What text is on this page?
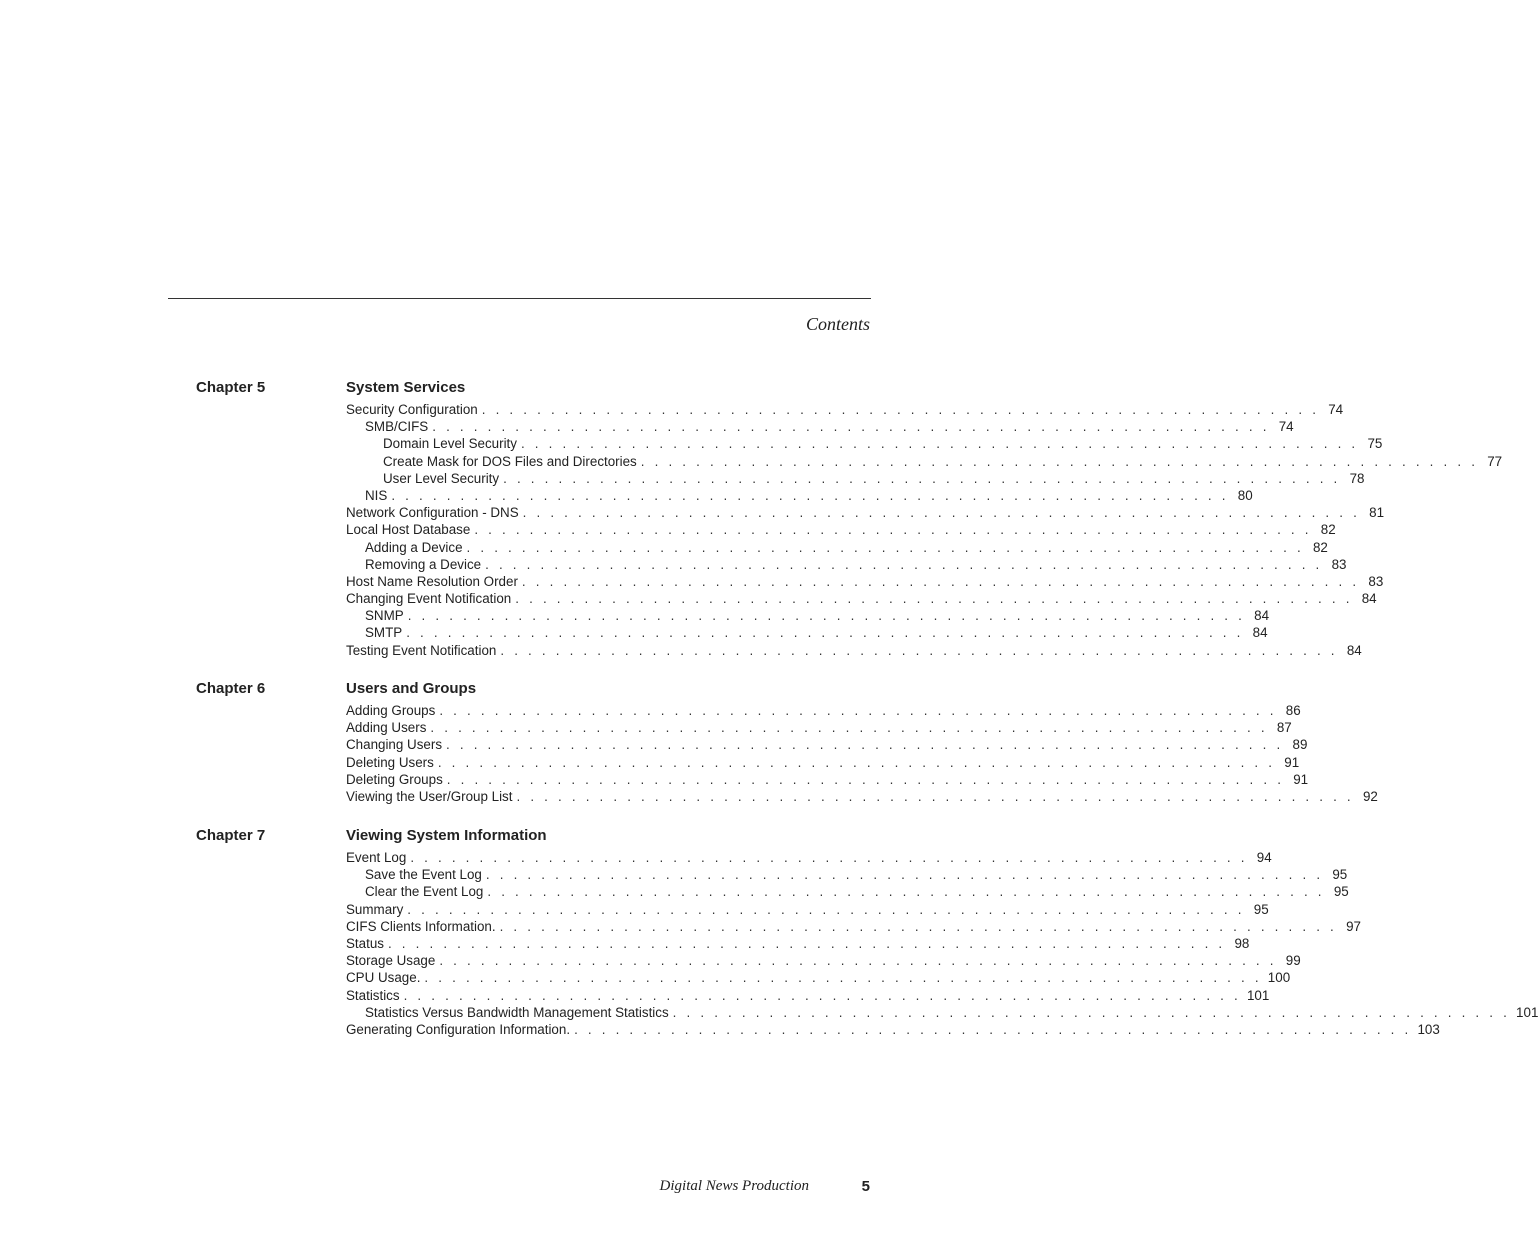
Contents
Chapter 5	System Services
Security Configuration . . . . . . . . . . . . . . . . . . . . . . . . . . . . . . . . . . . . . . . . . . . . . . . . . . . . . . . . . . . . . 74
SMB/CIFS . . . . . . . . . . . . . . . . . . . . . . . . . . . . . . . . . . . . . . . . . . . . . . . . . . . . . . . . . . . . . 74
Domain Level Security . . . . . . . . . . . . . . . . . . . . . . . . . . . . . . . . . . . . . . . . . . . . . . . . . . . . . . . . . . . . . 75
Create Mask for DOS Files and Directories . . . . . . . . . . . . . . . . . . . . . . . . . . . . . . . . . . . . . . . . . . . . . . . . . . . . . . . . . . . . . 77
User Level Security . . . . . . . . . . . . . . . . . . . . . . . . . . . . . . . . . . . . . . . . . . . . . . . . . . . . . . . . . . . . . 78
NIS . . . . . . . . . . . . . . . . . . . . . . . . . . . . . . . . . . . . . . . . . . . . . . . . . . . . . . . . . . . . . 80
Network Configuration - DNS . . . . . . . . . . . . . . . . . . . . . . . . . . . . . . . . . . . . . . . . . . . . . . . . . . . . . . . . . . . . . 81
Local Host Database . . . . . . . . . . . . . . . . . . . . . . . . . . . . . . . . . . . . . . . . . . . . . . . . . . . . . . . . . . . . . 82
Adding a Device . . . . . . . . . . . . . . . . . . . . . . . . . . . . . . . . . . . . . . . . . . . . . . . . . . . . . . . . . . . . . 82
Removing a Device . . . . . . . . . . . . . . . . . . . . . . . . . . . . . . . . . . . . . . . . . . . . . . . . . . . . . . . . . . . . . 83
Host Name Resolution Order . . . . . . . . . . . . . . . . . . . . . . . . . . . . . . . . . . . . . . . . . . . . . . . . . . . . . . . . . . . . . 83
Changing Event Notification . . . . . . . . . . . . . . . . . . . . . . . . . . . . . . . . . . . . . . . . . . . . . . . . . . . . . . . . . . . . . 84
SNMP . . . . . . . . . . . . . . . . . . . . . . . . . . . . . . . . . . . . . . . . . . . . . . . . . . . . . . . . . . . . . 84
SMTP . . . . . . . . . . . . . . . . . . . . . . . . . . . . . . . . . . . . . . . . . . . . . . . . . . . . . . . . . . . . . 84
Testing Event Notification . . . . . . . . . . . . . . . . . . . . . . . . . . . . . . . . . . . . . . . . . . . . . . . . . . . . . . . . . . . . . 84
Chapter 6	Users and Groups
Adding Groups . . . . . . . . . . . . . . . . . . . . . . . . . . . . . . . . . . . . . . . . . . . . . . . . . . . . . . . . . . . . . 86
Adding Users . . . . . . . . . . . . . . . . . . . . . . . . . . . . . . . . . . . . . . . . . . . . . . . . . . . . . . . . . . . . . 87
Changing Users . . . . . . . . . . . . . . . . . . . . . . . . . . . . . . . . . . . . . . . . . . . . . . . . . . . . . . . . . . . . . 89
Deleting Users . . . . . . . . . . . . . . . . . . . . . . . . . . . . . . . . . . . . . . . . . . . . . . . . . . . . . . . . . . . . . 91
Deleting Groups . . . . . . . . . . . . . . . . . . . . . . . . . . . . . . . . . . . . . . . . . . . . . . . . . . . . . . . . . . . . . 91
Viewing the User/Group List . . . . . . . . . . . . . . . . . . . . . . . . . . . . . . . . . . . . . . . . . . . . . . . . . . . . . . . . . . . . . 92
Chapter 7	Viewing System Information
Event Log . . . . . . . . . . . . . . . . . . . . . . . . . . . . . . . . . . . . . . . . . . . . . . . . . . . . . . . . . . . . . 94
Save the Event Log . . . . . . . . . . . . . . . . . . . . . . . . . . . . . . . . . . . . . . . . . . . . . . . . . . . . . . . . . . . . . 95
Clear the Event Log . . . . . . . . . . . . . . . . . . . . . . . . . . . . . . . . . . . . . . . . . . . . . . . . . . . . . . . . . . . . . 95
Summary . . . . . . . . . . . . . . . . . . . . . . . . . . . . . . . . . . . . . . . . . . . . . . . . . . . . . . . . . . . . . 95
CIFS Clients Information. . . . . . . . . . . . . . . . . . . . . . . . . . . . . . . . . . . . . . . . . . . . . . . . . . . . . . . . . . . . . . 97
Status . . . . . . . . . . . . . . . . . . . . . . . . . . . . . . . . . . . . . . . . . . . . . . . . . . . . . . . . . . . . . 98
Storage Usage . . . . . . . . . . . . . . . . . . . . . . . . . . . . . . . . . . . . . . . . . . . . . . . . . . . . . . . . . . . . . 99
CPU Usage. . . . . . . . . . . . . . . . . . . . . . . . . . . . . . . . . . . . . . . . . . . . . . . . . . . . . . . . . . . . . . 100
Statistics . . . . . . . . . . . . . . . . . . . . . . . . . . . . . . . . . . . . . . . . . . . . . . . . . . . . . . . . . . . . . 101
Statistics Versus Bandwidth Management Statistics . . . . . . . . . . . . . . . . . . . . . . . . . . . . . . . . . . . . . . . . . . . . . . . . . . . . . . . . . . . . . 101
Generating Configuration Information. . . . . . . . . . . . . . . . . . . . . . . . . . . . . . . . . . . . . . . . . . . . . . . . . . . . . . . . . . . . . . 103
Digital News Production	5
